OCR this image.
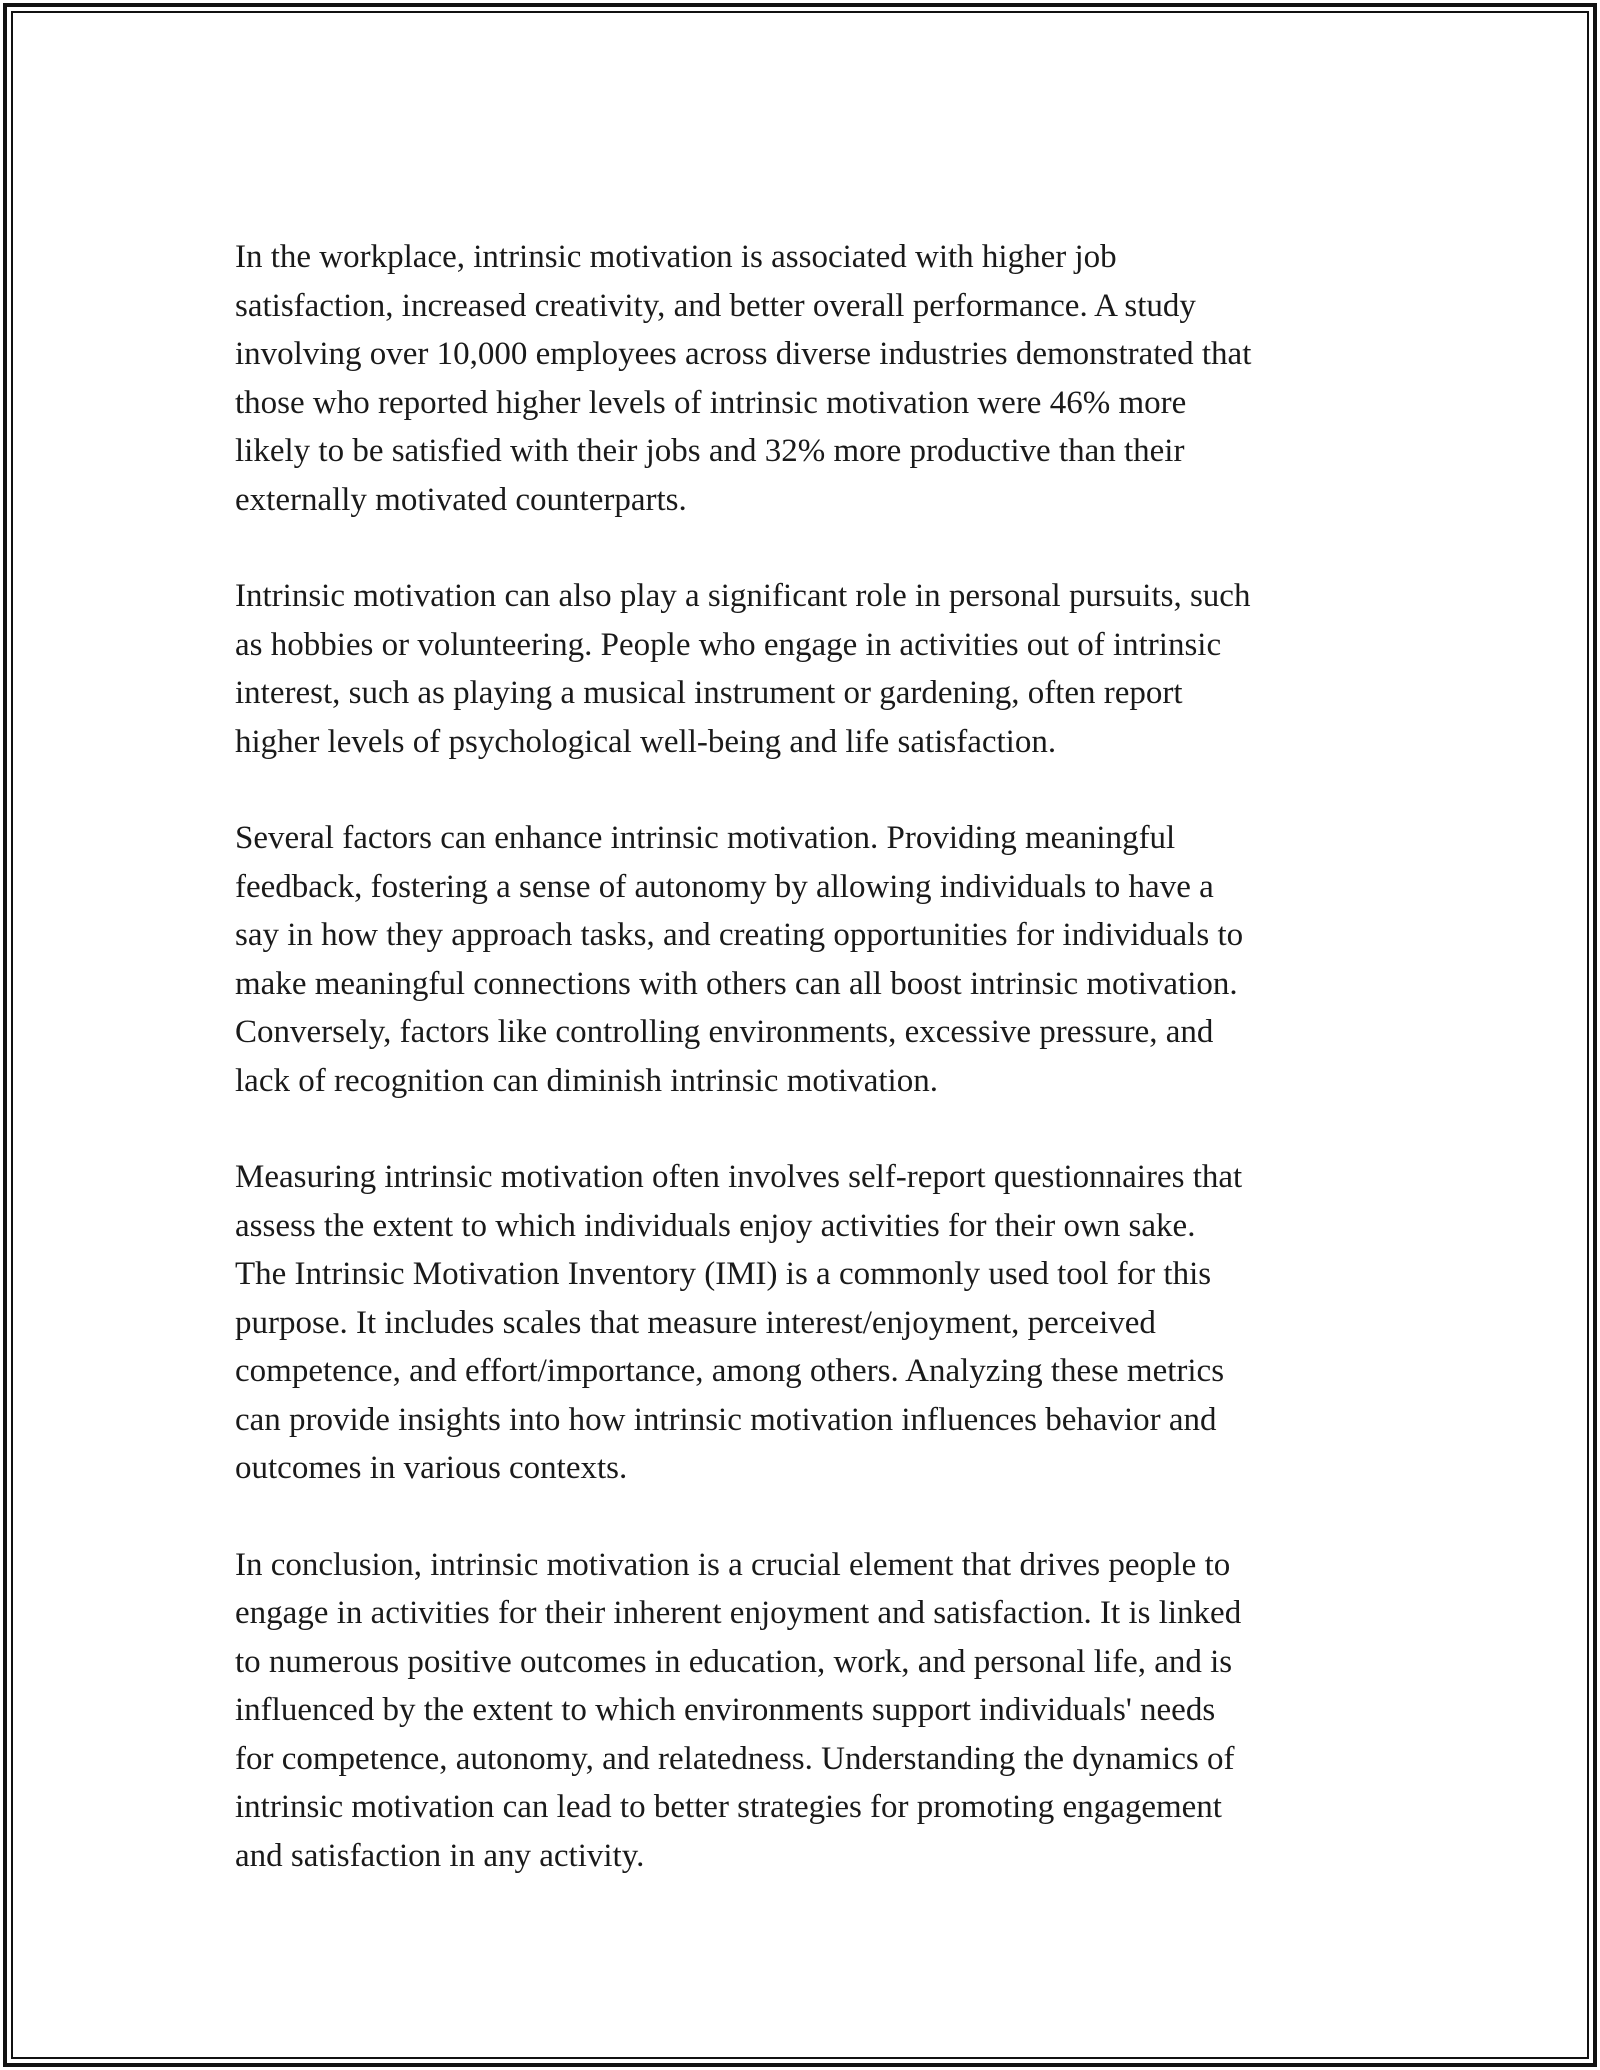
In the workplace, intrinsic motivation is associated with higher job
satisfaction, increased creativity, and better overall performance. A study
involving over 10,000 employees across diverse industries demonstrated that
those who reported higher levels of intrinsic motivation were 46% more
likely to be satisfied with their jobs and 32% more productive than their
externally motivated counterparts.

Intrinsic motivation can also play a significant role in personal pursuits, such
as hobbies or volunteering. People who engage in activities out of intrinsic
interest, such as playing a musical instrument or gardening, often report
higher levels of psychological well-being and life satisfaction.

Several factors can enhance intrinsic motivation. Providing meaningful
feedback, fostering a sense of autonomy by allowing individuals to have a
say in how they approach tasks, and creating opportunities for individuals to
make meaningful connections with others can all boost intrinsic motivation.
Conversely, factors like controlling environments, excessive pressure, and
lack of recognition can diminish intrinsic motivation.

Measuring intrinsic motivation often involves self-report questionnaires that
assess the extent to which individuals enjoy activities for their own sake.
The Intrinsic Motivation Inventory (IMI) is a commonly used tool for this
purpose. It includes scales that measure interest/enjoyment, perceived
competence, and effort/importance, among others. Analyzing these metrics
can provide insights into how intrinsic motivation influences behavior and
outcomes in various contexts.

In conclusion, intrinsic motivation is a crucial element that drives people to
engage in activities for their inherent enjoyment and satisfaction. It is linked
to numerous positive outcomes in education, work, and personal life, and is
influenced by the extent to which environments support individuals' needs
for competence, autonomy, and relatedness. Understanding the dynamics of
intrinsic motivation can lead to better strategies for promoting engagement
and satisfaction in any activity.
